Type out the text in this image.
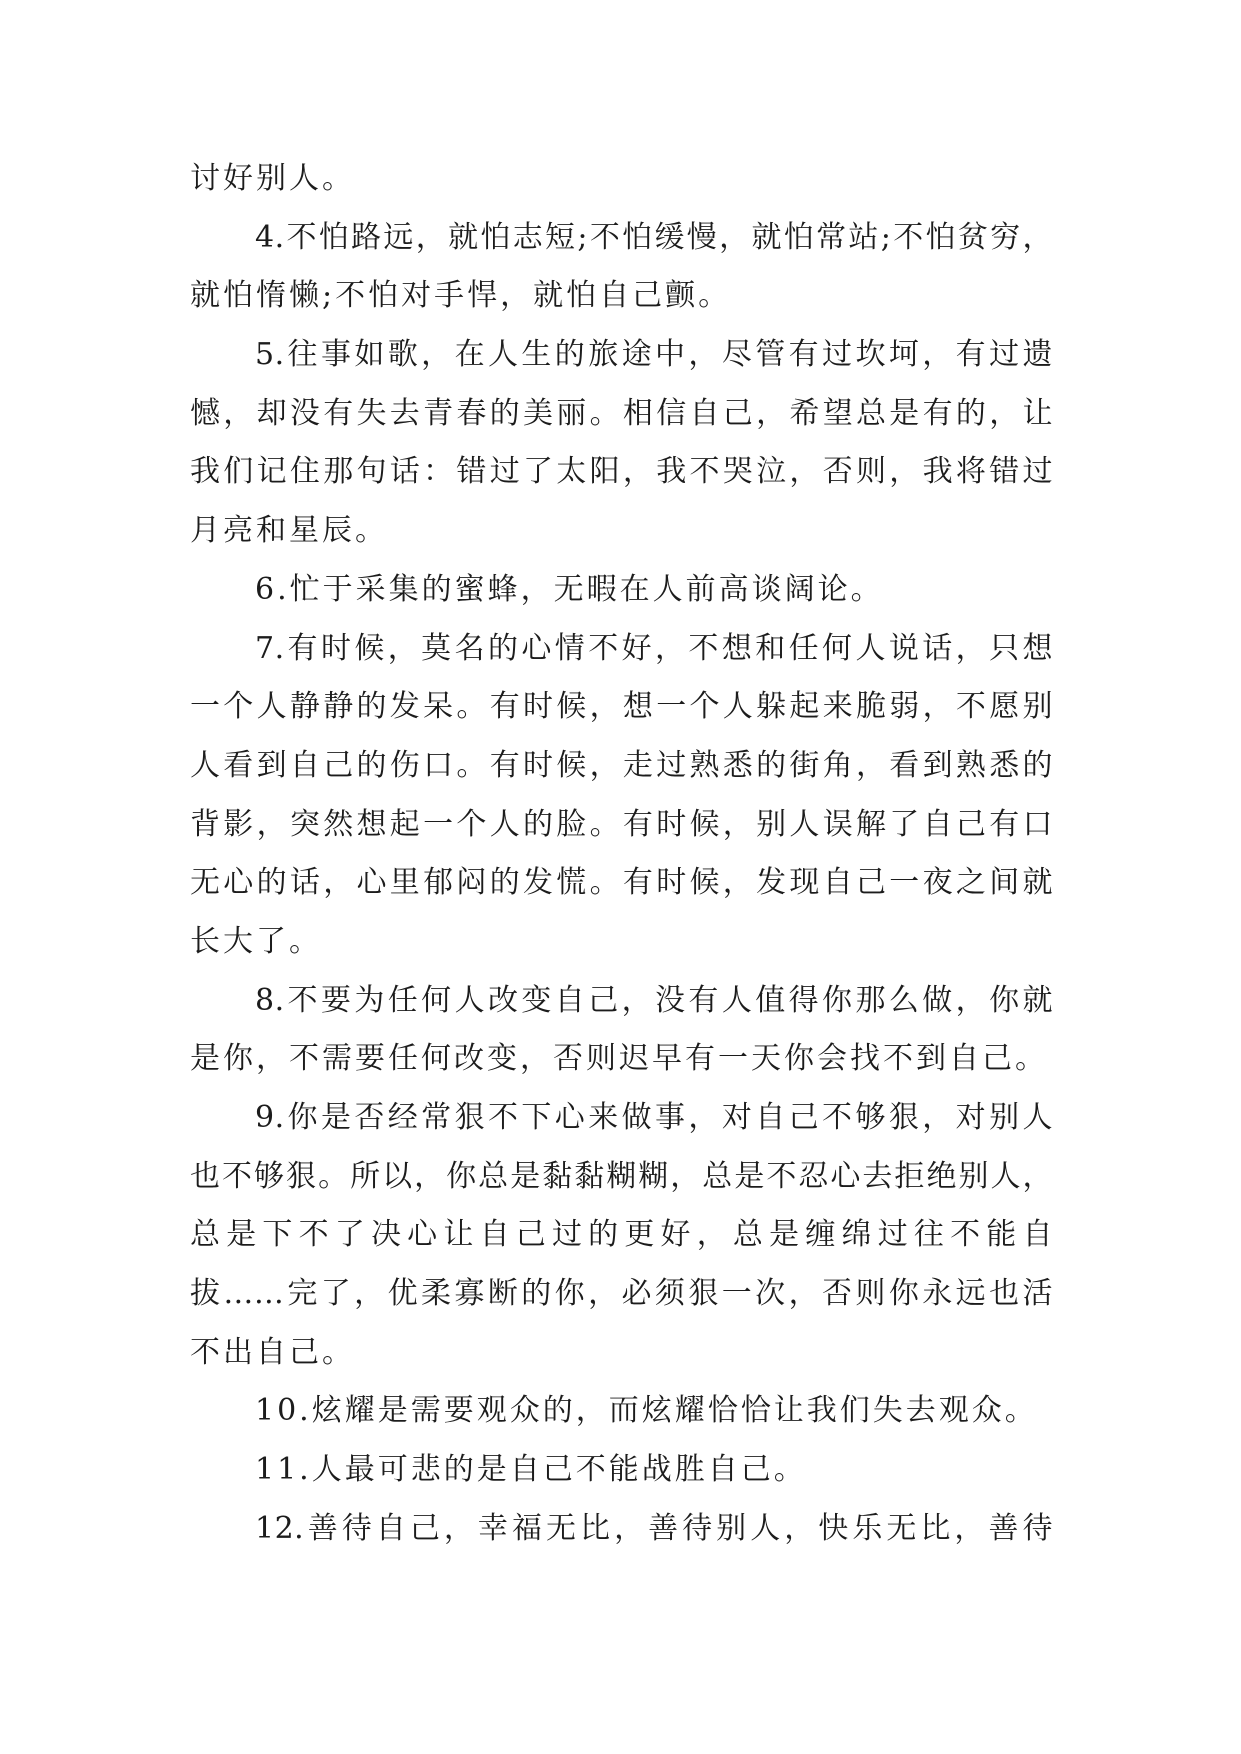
讨好别人。
4.不怕路远，就怕志短;不怕缓慢，就怕常站;不怕贫穷，
就怕惰懒;不怕对手悍，就怕自己颤。
5.往事如歌，在人生的旅途中，尽管有过坎坷，有过遗
憾，却没有失去青春的美丽。相信自己，希望总是有的，让
我们记住那句话：错过了太阳，我不哭泣，否则，我将错过
月亮和星辰。
6.忙于采集的蜜蜂，无暇在人前高谈阔论。
7.有时候，莫名的心情不好，不想和任何人说话，只想
一个人静静的发呆。有时候，想一个人躲起来脆弱，不愿别
人看到自己的伤口。有时候，走过熟悉的街角，看到熟悉的
背影，突然想起一个人的脸。有时候，别人误解了自己有口
无心的话，心里郁闷的发慌。有时候，发现自己一夜之间就
长大了。
8.不要为任何人改变自己，没有人值得你那么做，你就
是你，不需要任何改变，否则迟早有一天你会找不到自己。
9.你是否经常狠不下心来做事，对自己不够狠，对别人
也不够狠。所以，你总是黏黏糊糊，总是不忍心去拒绝别人，
总是下不了决心让自己过的更好，总是缠绵过往不能自
拔……完了，优柔寡断的你，必须狠一次，否则你永远也活
不出自己。
10.炫耀是需要观众的，而炫耀恰恰让我们失去观众。
11.人最可悲的是自己不能战胜自己。
12.善待自己，幸福无比，善待别人，快乐无比，善待
